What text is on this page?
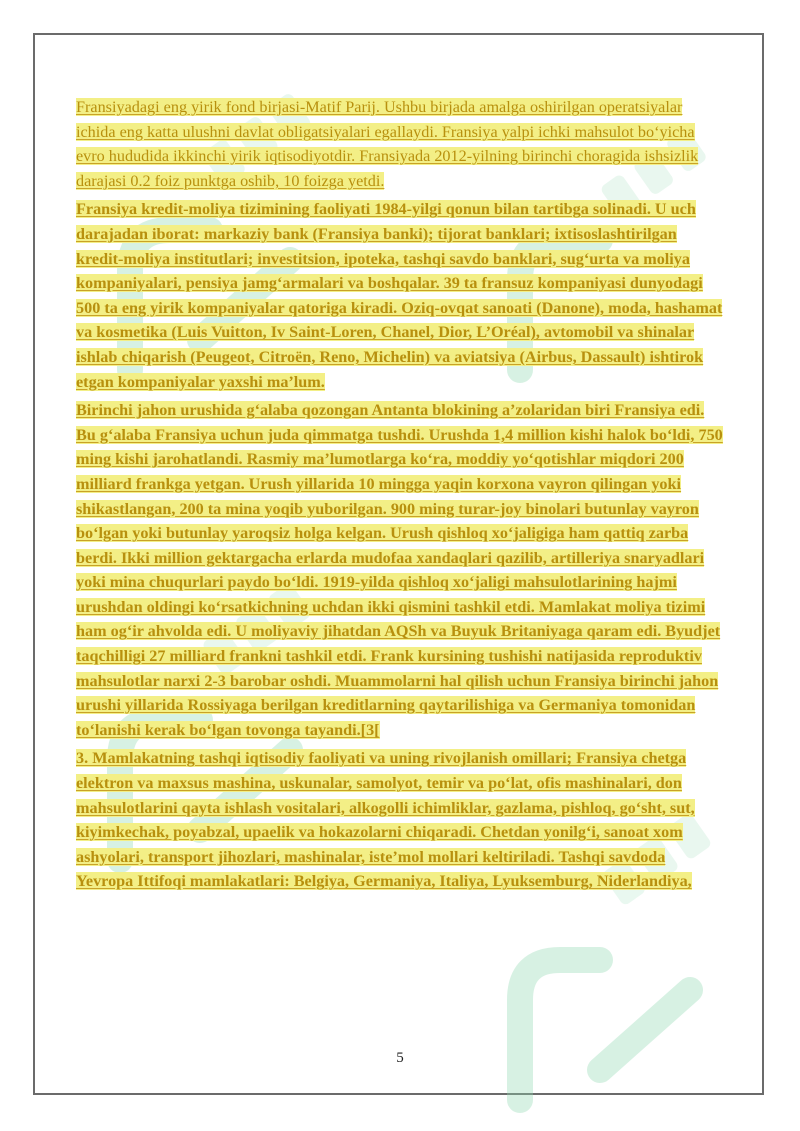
Fransiyadagi eng yirik fond birjasi-Matif Parij. Ushbu birjada amalga oshirilgan operatsiyalar ichida eng katta ulushni davlat obligatsiyalari egallaydi. Fransiya yalpi ichki mahsulot bo‘yicha evro hududida ikkinchi yirik iqtisodiyotdir. Fransiyada 2012-yilning birinchi choragida ishsizlik darajasi 0.2 foiz punktga oshib, 10 foizga yetdi.

Fransiya kredit-moliya tizimining faoliyati 1984-yilgi qonun bilan tartibga solinadi. U uch darajadan iborat: markaziy bank (Fransiya banki); tijorat banklari; ixtisoslashtirilgan kredit-moliya institutlari; investitsion, ipoteka, tashqi savdo banklari, sug‘urta va moliya kompaniyalari, pensiya jamg‘armalari va boshqalar. 39 ta fransuz kompaniyasi dunyodagi 500 ta eng yirik kompaniyalar qatoriga kiradi. Oziq-ovqat sanoati (Danone), moda, hashamat va kosmetika (Luis Vuitton, Iv Saint-Loren, Chanel, Dior, L’Oréal), avtomobil va shinalar ishlab chiqarish (Peugeot, Citroën, Reno, Michelin) va aviatsiya (Airbus, Dassault) ishtirok etgan kompaniyalar yaxshi ma’lum.

Birinchi jahon urushida g‘alaba qozongan Antanta blokining a’zolaridan biri Fransiya edi. Bu g‘alaba Fransiya uchun juda qimmatga tushdi. Urushda 1,4 million kishi halok bo‘ldi, 750 ming kishi jarohatlandi. Rasmiy ma’lumotlarga ko‘ra, moddiy yo‘qotishlar miqdori 200 milliard frankga yetgan. Urush yillarida 10 mingga yaqin korxona vayron qilingan yoki shikastlangan, 200 ta mina yoqib yuborilgan. 900 ming turar-joy binolari butunlay vayron bo‘lgan yoki butunlay yaroqsiz holga kelgan. Urush qishloq xo‘jaligiga ham qattiq zarba berdi. Ikki million gektargacha erlarda mudofaa xandaqlari qazilib, artilleriya snaryadlari yoki mina chuqurlari paydo bo‘ldi. 1919-yilda qishloq xo‘jaligi mahsulotlarining hajmi urushdan oldingi ko‘rsatkichning uchdan ikki qismini tashkil etdi. Mamlakat moliya tizimi ham og‘ir ahvolda edi. U moliyaviy jihatdan AQSh va Buyuk Britaniyaga qaram edi. Byudjet taqchilligi 27 milliard frankni tashkil etdi. Frank kursining tushishi natijasida reproduktiv mahsulotlar narxi 2-3 barobar oshdi. Muammolarni hal qilish uchun Fransiya birinchi jahon urushi yillarida Rossiyaga berilgan kreditlarning qaytarilishiga va Germaniya tomonidan to‘lanishi kerak bo‘lgan tovonga tayandi.[3[

3. Mamlakatning tashqi iqtisodiy faoliyati va uning rivojlanish omillari; Fransiya chetga elektron va maxsus mashina, uskunalar, samolyot, temir va po‘lat, ofis mashinalari, don mahsulotlarini qayta ishlash vositalari, alkogolli ichimliklar, gazlama, pishloq, go‘sht, sut, kiyimkechak, poyabzal, upaelik va hokazolarni chiqaradi. Chetdan yonilg‘i, sanoat xom ashyolari, transport jihozlari, mashinalar, iste’mol mollari keltiriladi. Tashqi savdoda Yevropa Ittifoqi mamlakatlari: Belgiya, Germaniya, Italiya, Lyuksemburg, Niderlandiya,

5
